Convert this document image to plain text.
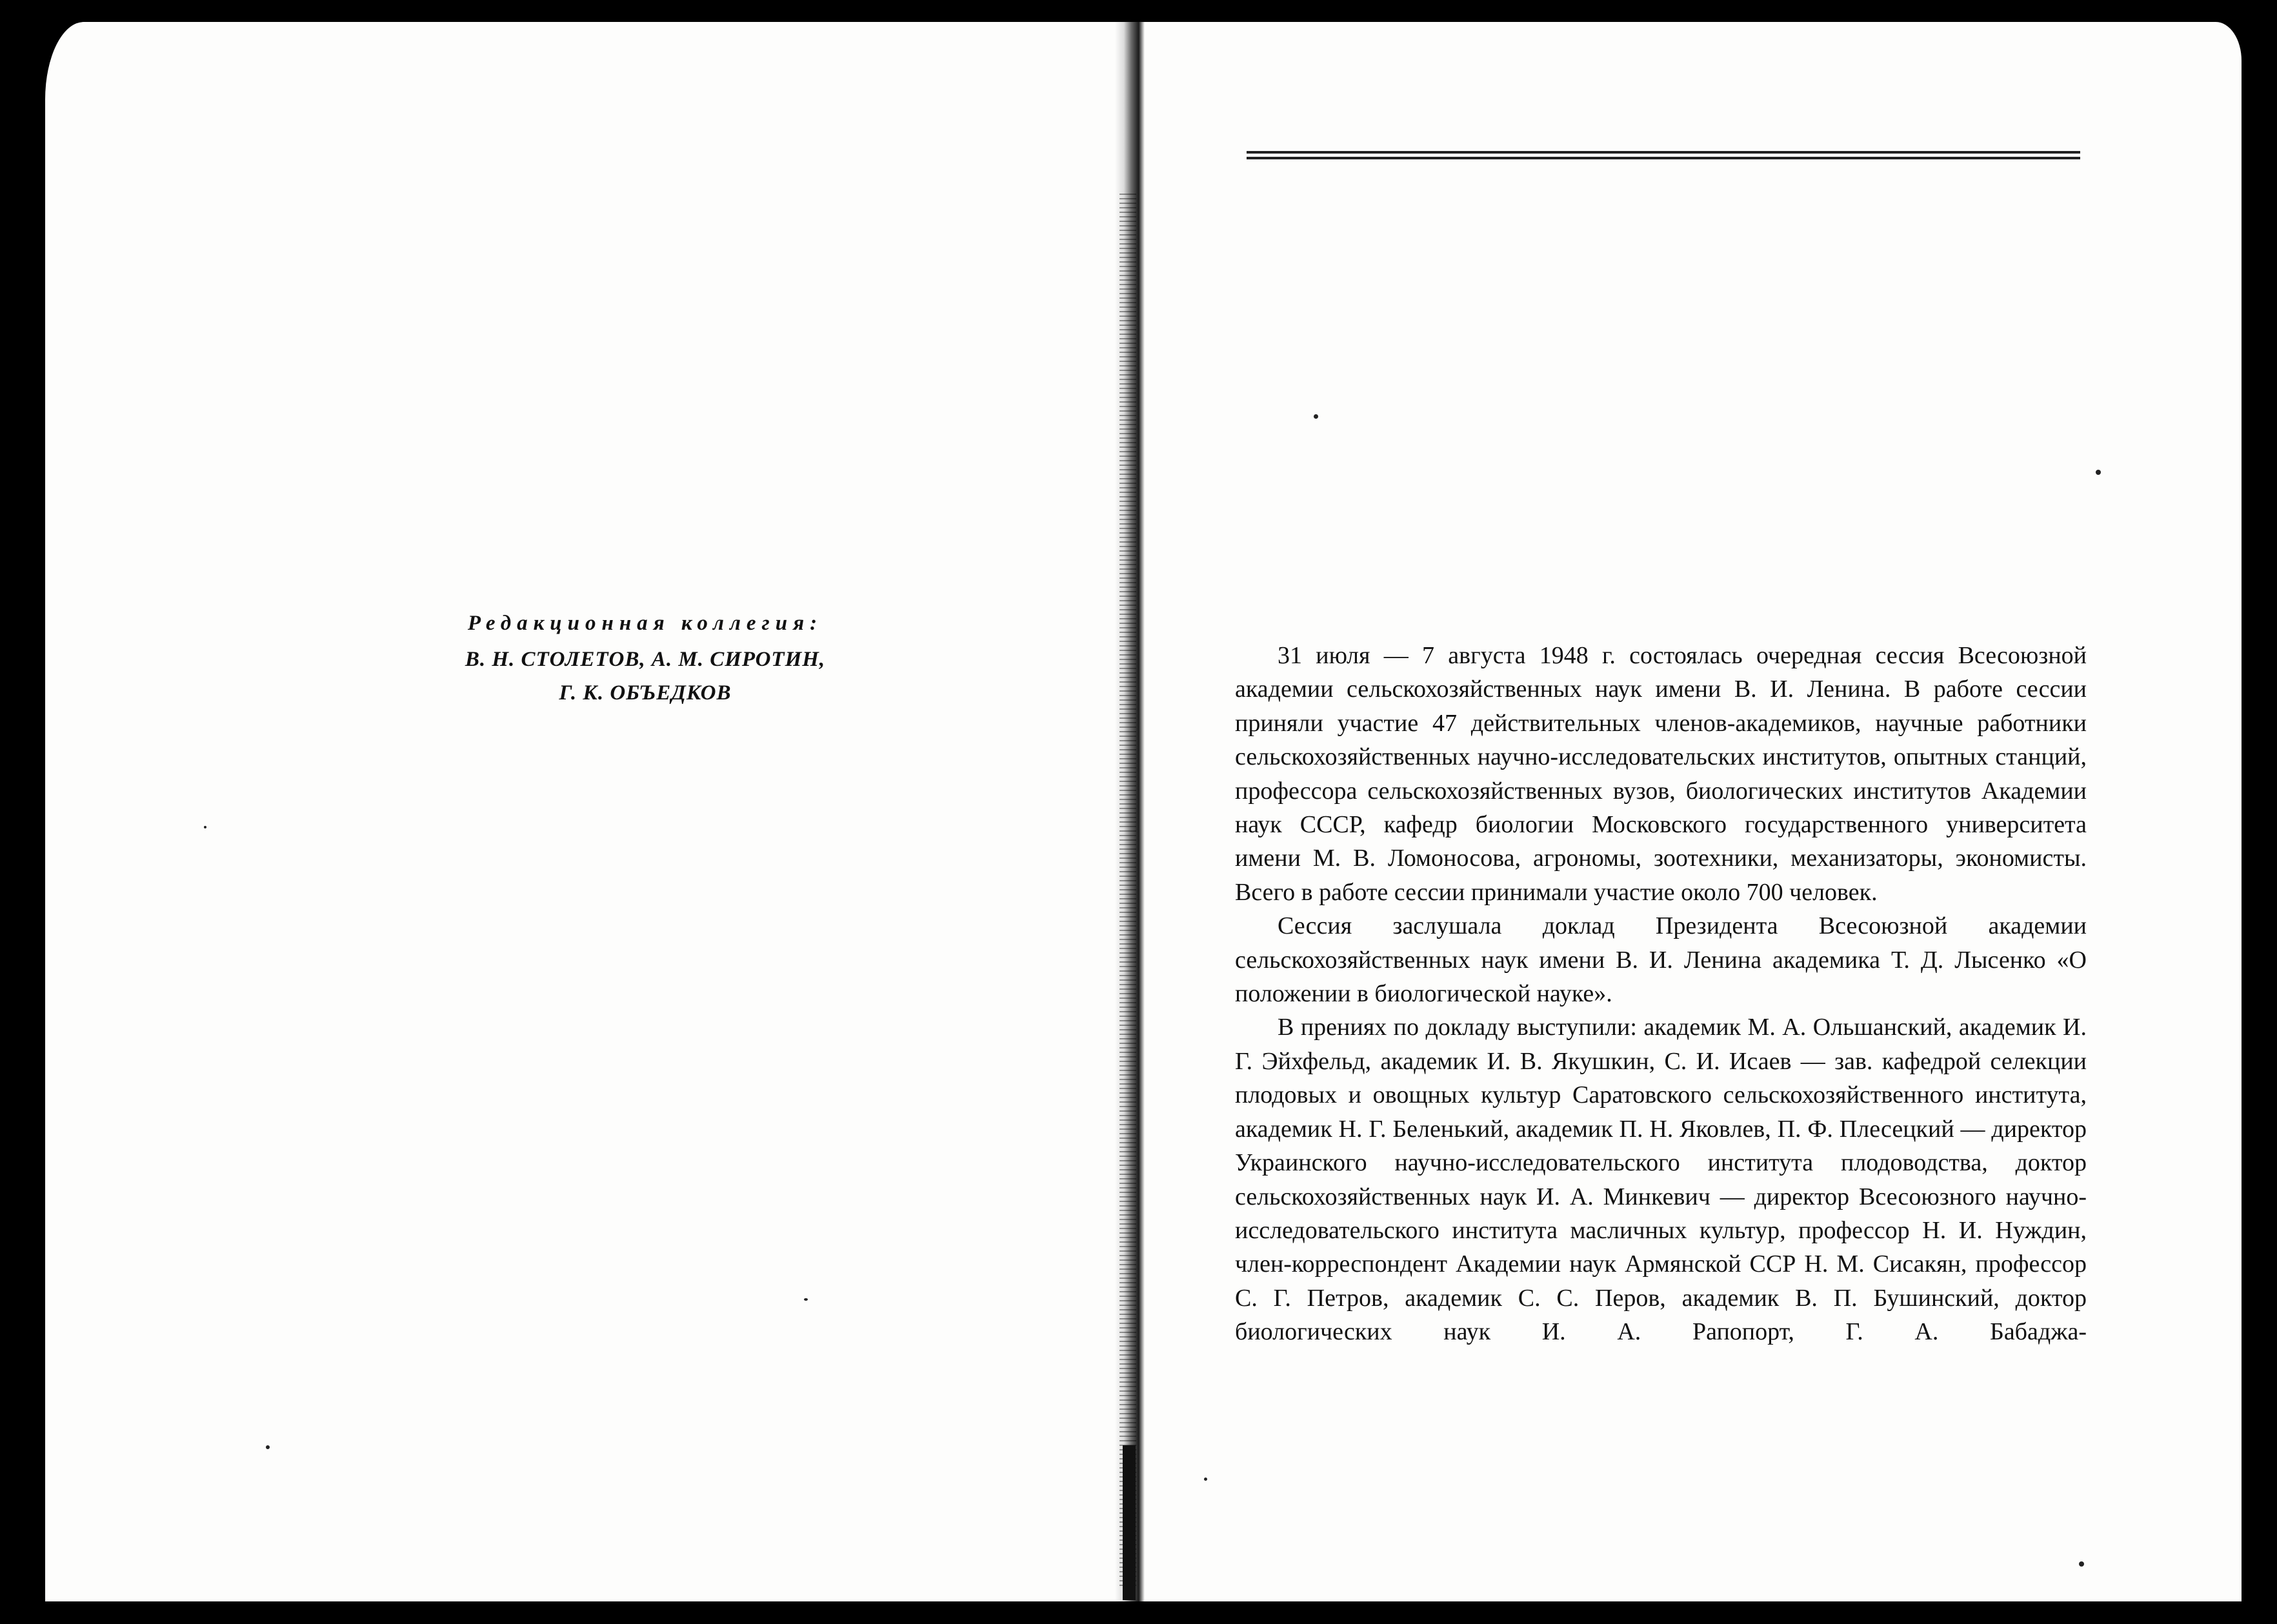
Редакционная коллегия:
В. Н. СТОЛЕТОВ, А. М. СИРОТИН,
Г. К. ОБЪЕДКОВ

31 июля — 7 августа 1948 г. состоялась очередная сессия Всесоюзной академии сельскохозяйственных наук имени В. И. Ленина. В работе сессии приняли участие 47 действительных членов-академиков, научные работники сельскохозяйственных научно-исследовательских институтов, опытных станций, профессора сельскохозяйственных вузов, биологических институтов Академии наук СССР, кафедр биологии Московского государственного университета имени М. В. Ломоносова, агрономы, зоотехники, механизаторы, экономисты. Всего в работе сессии принимали участие около 700 человек.

Сессия заслушала доклад Президента Всесоюзной академии сельскохозяйственных наук имени В. И. Ленина академика Т. Д. Лысенко «О положении в биологической науке».

В прениях по докладу выступили: академик М. А. Ольшанский, академик И. Г. Эйхфельд, академик И. В. Якушкин, С. И. Исаев — зав. кафедрой селекции плодовых и овощных культур Саратовского сельскохозяйственного института, академик Н. Г. Беленький, академик П. Н. Яковлев, П. Ф. Плесецкий — директор Украинского научно-исследовательского института плодоводства, доктор сельскохозяйственных наук И. А. Минкевич — директор Всесоюзного научно-исследовательского института масличных культур, профессор Н. И. Нуждин, член-корреспондент Академии наук Армянской ССР Н. М. Сисакян, профессор С. Г. Петров, академик С. С. Перов, академик В. П. Бушинский, доктор биологических наук И. А. Рапопорт, Г. А. Бабаджа-
